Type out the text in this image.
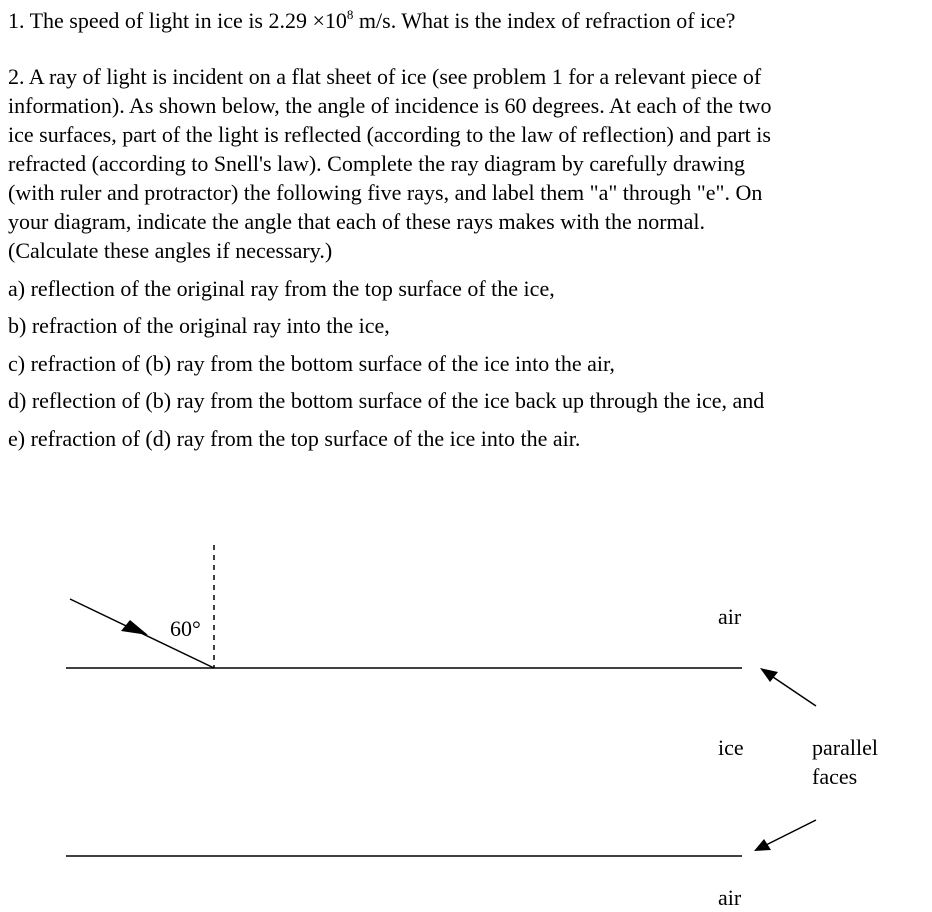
1. The speed of light in ice is $2.29 \times 10^8$ m/s. What is the index of refraction of ice?

2. A ray of light is incident on a flat sheet of ice (see problem 1 for a relevant piece of

information). As shown below, the angle of incidence is 60 degrees. At each of the two

ice surfaces, part of the light is reflected (according to the law of reflection) and part is

refracted (according to Snell's law). Complete the ray diagram by carefully drawing

(with ruler and protractor) the following five rays, and label them "a" through "e". On

your diagram, indicate the angle that each of these rays makes with the normal.

(Calculate these angles if necessary.)

a) reflection of the original ray from the top surface of the ice,
b) refraction of the original ray into the ice,
c) refraction of (b) ray from the bottom surface of the ice into the air,
d) reflection of (b) ray from the bottom surface of the ice back up through the ice, and
e) refraction of (d) ray from the top surface of the ice into the air.
60°	air
ice
air
parallel
faces
